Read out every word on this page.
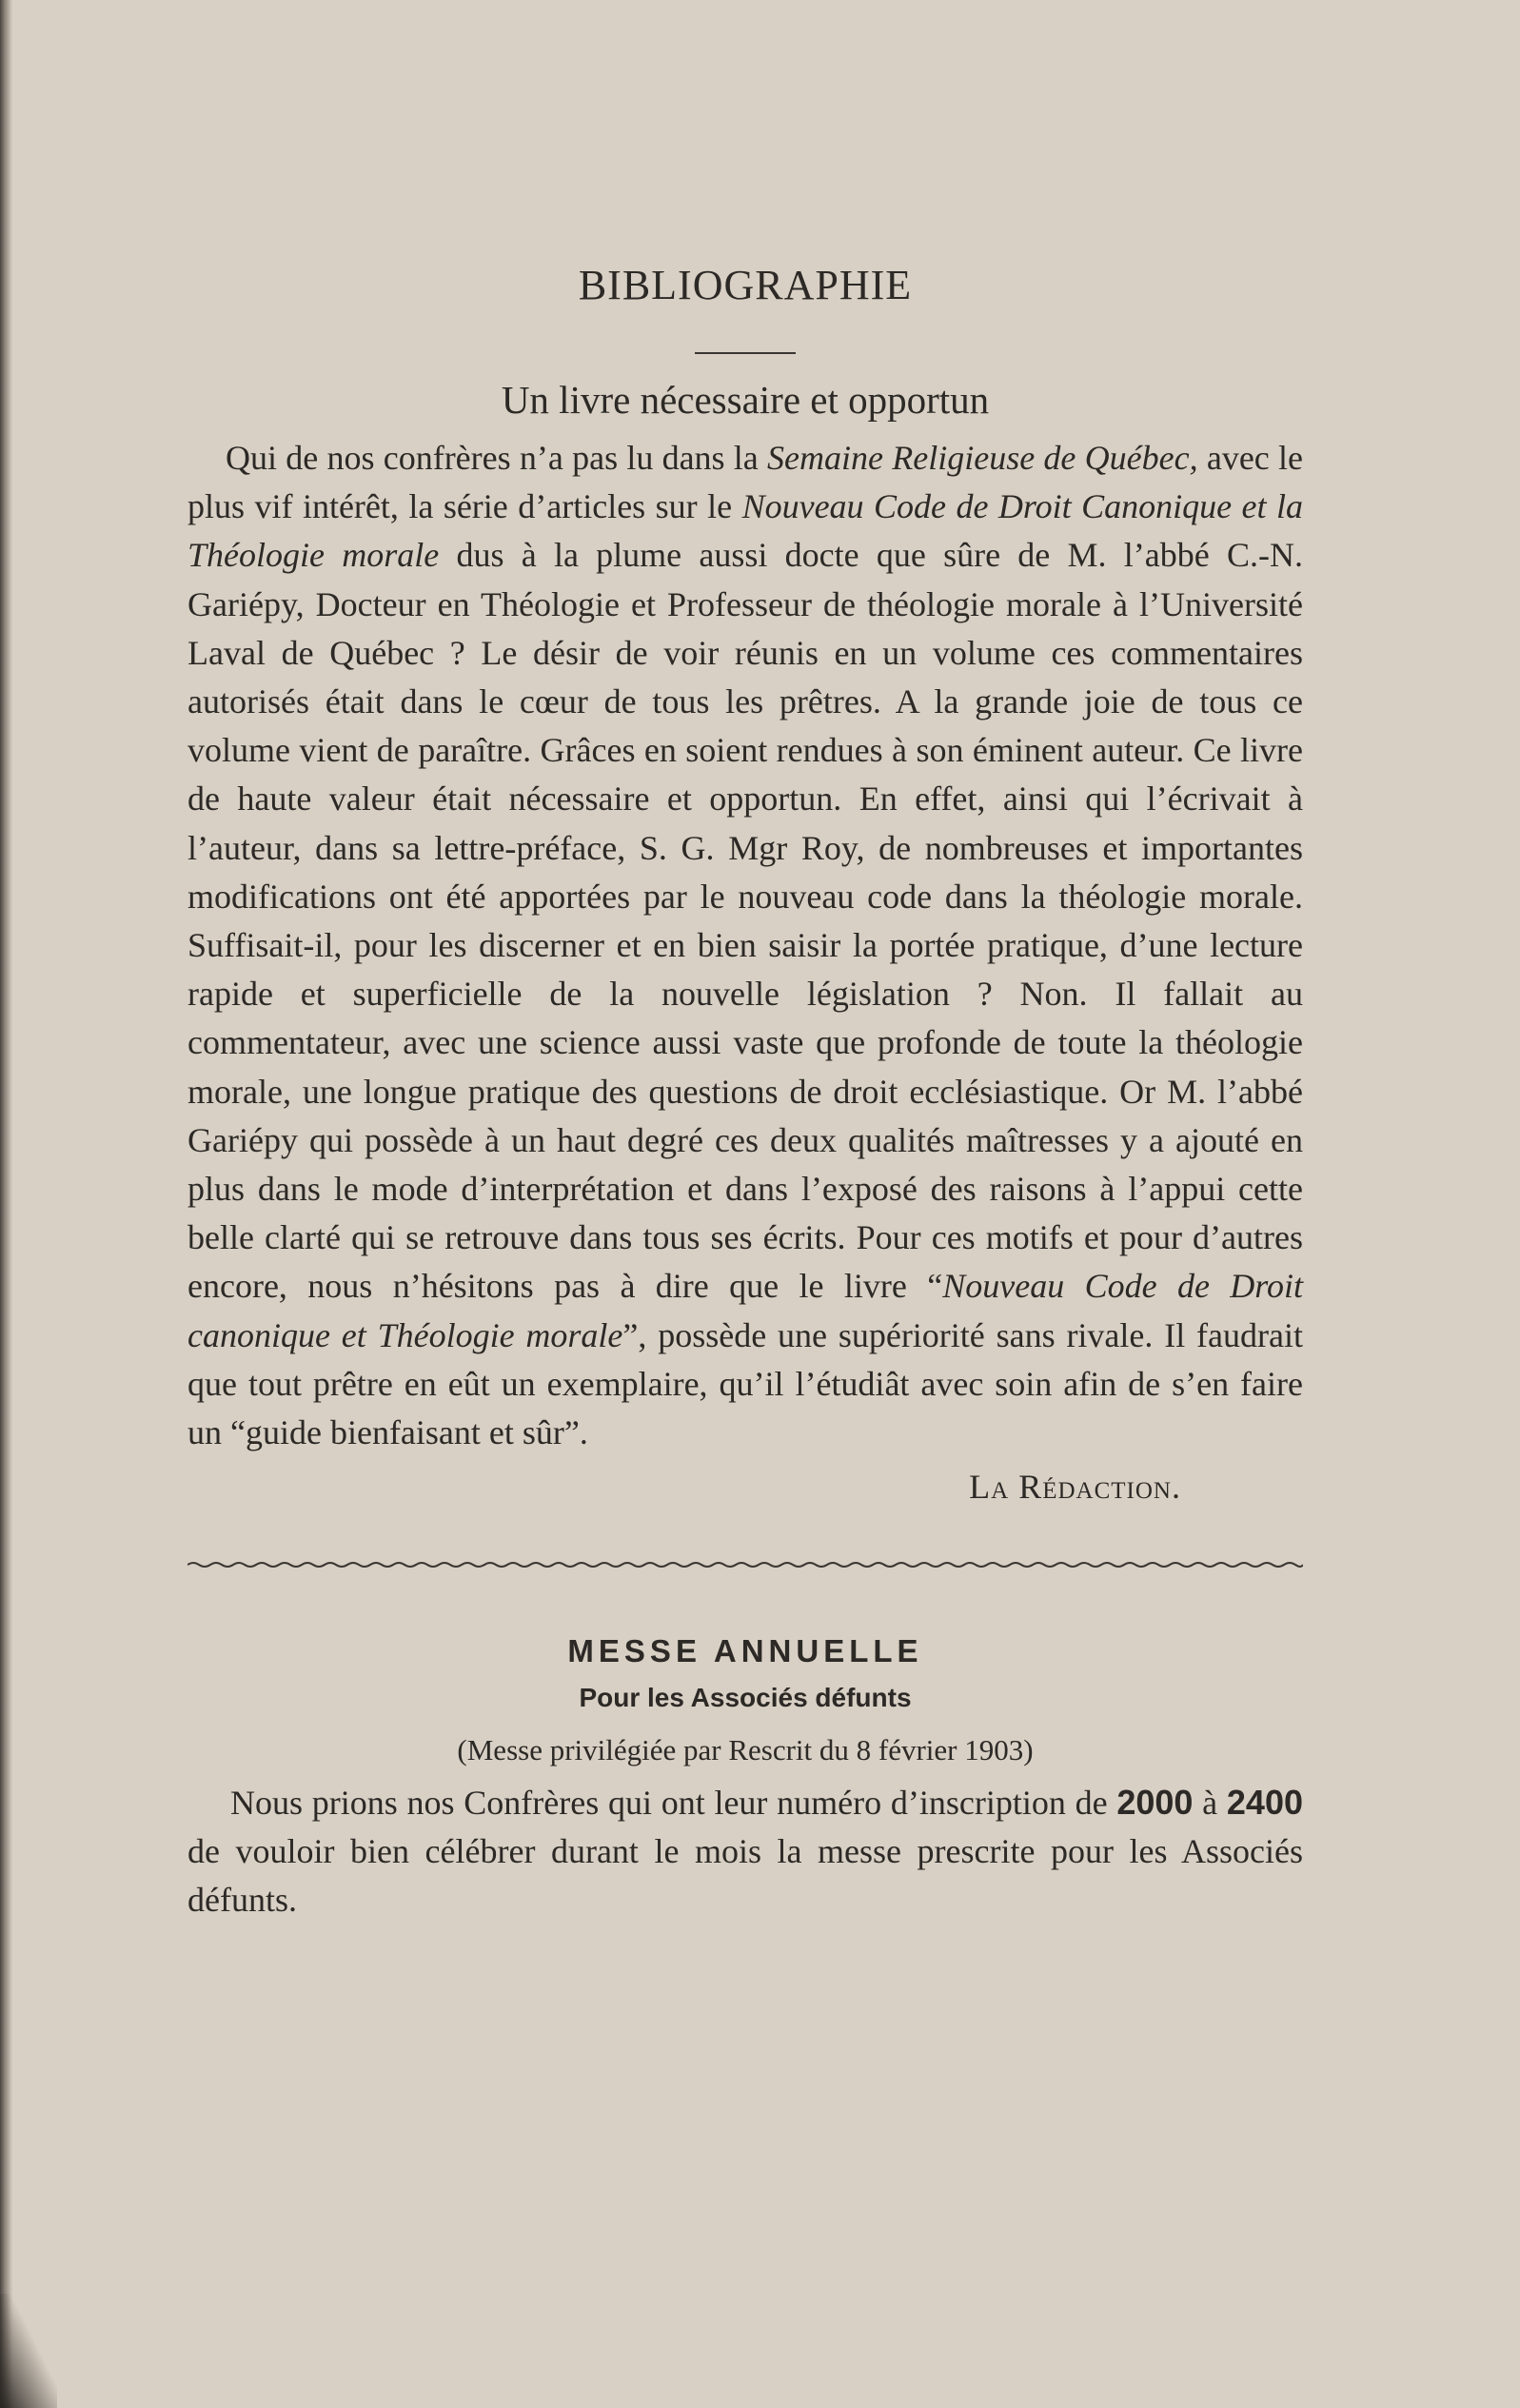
BIBLIOGRAPHIE
Un livre nécessaire et opportun

Qui de nos confrères n’a pas lu dans la Semaine Religieuse de Québec, avec le plus vif intérêt, la série d’articles sur le Nouveau Code de Droit Canonique et la Théologie morale dus à la plume aussi docte que sûre de M. l’abbé C.-N. Gariépy, Docteur en Théologie et Professeur de théologie morale à l’Université Laval de Québec ? Le désir de voir réunis en un volume ces commentaires autorisés était dans le cœur de tous les prêtres. A la grande joie de tous ce volume vient de paraître. Grâces en soient rendues à son éminent auteur. Ce livre de haute valeur était nécessaire et opportun. En effet, ainsi qui l’écrivait à l’auteur, dans sa lettre-préface, S. G. Mgr Roy, de nombreuses et importantes modifications ont été apportées par le nouveau code dans la théologie morale. Suffisait-il, pour les discerner et en bien saisir la portée pratique, d’une lecture rapide et superficielle de la nouvelle législation ? Non. Il fallait au commentateur, avec une science aussi vaste que profonde de toute la théologie morale, une longue pratique des questions de droit ecclésiastique. Or M. l’abbé Gariépy qui possède à un haut degré ces deux qualités maîtresses y a ajouté en plus dans le mode d’interprétation et dans l’exposé des raisons à l’appui cette belle clarté qui se retrouve dans tous ses écrits. Pour ces motifs et pour d’autres encore, nous n’hésitons pas à dire que le livre “Nouveau Code de Droit canonique et Théologie morale”, possède une supériorité sans rivale. Il faudrait que tout prêtre en eût un exemplaire, qu’il l’étudiât avec soin afin de s’en faire un “guide bienfaisant et sûr”.

La Rédaction.
MESSE ANNUELLE
Pour les Associés défunts
(Messe privilégiée par Rescrit du 8 février 1903)

Nous prions nos Confrères qui ont leur numéro d’inscription de 2000 à 2400 de vouloir bien célébrer durant le mois la messe prescrite pour les Associés défunts.
